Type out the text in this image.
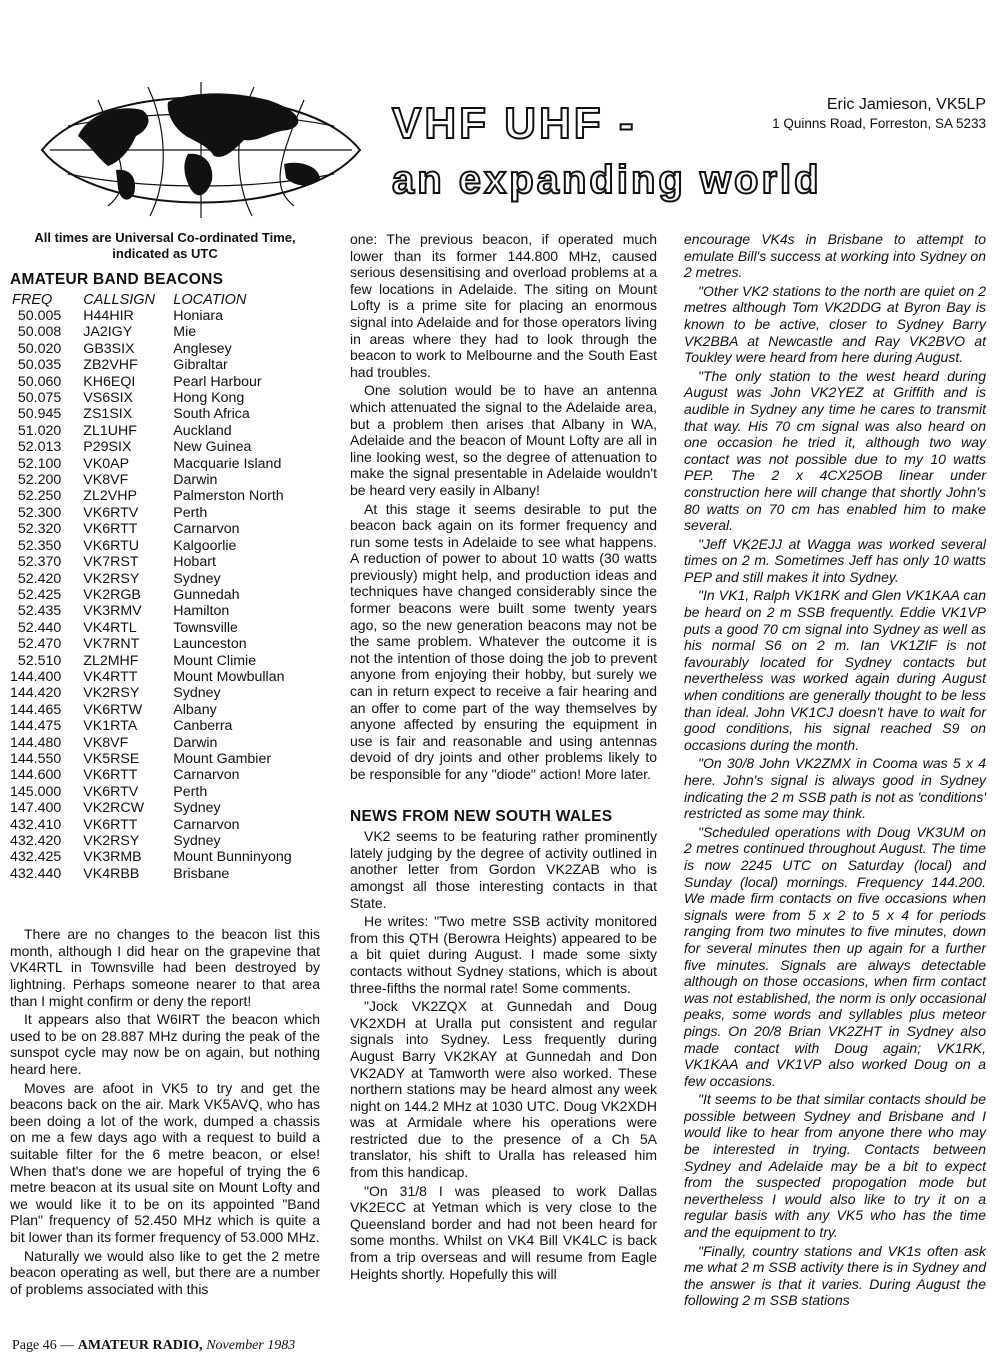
VHF UHF -
an expanding world
Eric Jamieson, VK5LP
1 Quinns Road, Forreston, SA 5233
All times are Universal Co-ordinated Time, indicated as UTC
AMATEUR BAND BEACONS
FREQ	CALLSIGN	LOCATION
50.005	H44HIR	Honiara
50.008	JA2IGY	Mie
50.020	GB3SIX	Anglesey
50.035	ZB2VHF	Gibraltar
50.060	KH6EQI	Pearl Harbour
50.075	VS6SIX	Hong Kong
50.945	ZS1SIX	South Africa
51.020	ZL1UHF	Auckland
52.013	P29SIX	New Guinea
52.100	VK0AP	Macquarie Island
52.200	VK8VF	Darwin
52.250	ZL2VHP	Palmerston North
52.300	VK6RTV	Perth
52.320	VK6RTT	Carnarvon
52.350	VK6RTU	Kalgoorlie
52.370	VK7RST	Hobart
52.420	VK2RSY	Sydney
52.425	VK2RGB	Gunnedah
52.435	VK3RMV	Hamilton
52.440	VK4RTL	Townsville
52.470	VK7RNT	Launceston
52.510	ZL2MHF	Mount Climie
144.400	VK4RTT	Mount Mowbullan
144.420	VK2RSY	Sydney
144.465	VK6RTW	Albany
144.475	VK1RTA	Canberra
144.480	VK8VF	Darwin
144.550	VK5RSE	Mount Gambier
144.600	VK6RTT	Carnarvon
145.000	VK6RTV	Perth
147.400	VK2RCW	Sydney
432.410	VK6RTT	Carnarvon
432.420	VK2RSY	Sydney
432.425	VK3RMB	Mount Bunninyong
432.440	VK4RBB	Brisbane

There are no changes to the beacon list this month, although I did hear on the grapevine that VK4RTL in Townsville had been destroyed by lightning. Perhaps someone nearer to that area than I might confirm or deny the report!

It appears also that W6IRT the beacon which used to be on 28.887 MHz during the peak of the sunspot cycle may now be on again, but nothing heard here.

Moves are afoot in VK5 to try and get the beacons back on the air. Mark VK5AVQ, who has been doing a lot of the work, dumped a chassis on me a few days ago with a request to build a suitable filter for the 6 metre beacon, or else! When that's done we are hopeful of trying the 6 metre beacon at its usual site on Mount Lofty and we would like it to be on its appointed "Band Plan" frequency of 52.450 MHz which is quite a bit lower than its former frequency of 53.000 MHz.

Naturally we would also like to get the 2 metre beacon operating as well, but there are a number of problems associated with this

one: The previous beacon, if operated much lower than its former 144.800 MHz, caused serious desensitising and overload problems at a few locations in Adelaide. The siting on Mount Lofty is a prime site for placing an enormous signal into Adelaide and for those operators living in areas where they had to look through the beacon to work to Melbourne and the South East had troubles.

One solution would be to have an antenna which attenuated the signal to the Adelaide area, but a problem then arises that Albany in WA, Adelaide and the beacon of Mount Lofty are all in line looking west, so the degree of attenuation to make the signal presentable in Adelaide wouldn't be heard very easily in Albany!

At this stage it seems desirable to put the beacon back again on its former frequency and run some tests in Adelaide to see what happens. A reduction of power to about 10 watts (30 watts previously) might help, and production ideas and techniques have changed considerably since the former beacons were built some twenty years ago, so the new generation beacons may not be the same problem. Whatever the outcome it is not the intention of those doing the job to prevent anyone from enjoying their hobby, but surely we can in return expect to receive a fair hearing and an offer to come part of the way themselves by anyone affected by ensuring the equipment in use is fair and reasonable and using antennas devoid of dry joints and other problems likely to be responsible for any "diode" action! More later.

NEWS FROM NEW SOUTH WALES

VK2 seems to be featuring rather prominently lately judging by the degree of activity outlined in another letter from Gordon VK2ZAB who is amongst all those interesting contacts in that State.

He writes: "Two metre SSB activity monitored from this QTH (Berowra Heights) appeared to be a bit quiet during August. I made some sixty contacts without Sydney stations, which is about three-fifths the normal rate! Some comments.

"Jock VK2ZQX at Gunnedah and Doug VK2XDH at Uralla put consistent and regular signals into Sydney. Less frequently during August Barry VK2KAY at Gunnedah and Don VK2ADY at Tamworth were also worked. These northern stations may be heard almost any week night on 144.2 MHz at 1030 UTC. Doug VK2XDH was at Armidale where his operations were restricted due to the presence of a Ch 5A translator, his shift to Uralla has released him from this handicap.

"On 31/8 I was pleased to work Dallas VK2ECC at Yetman which is very close to the Queensland border and had not been heard for some months. Whilst on VK4 Bill VK4LC is back from a trip overseas and will resume from Eagle Heights shortly. Hopefully this will

encourage VK4s in Brisbane to attempt to emulate Bill's success at working into Sydney on 2 metres.

"Other VK2 stations to the north are quiet on 2 metres although Tom VK2DDG at Byron Bay is known to be active, closer to Sydney Barry VK2BBA at Newcastle and Ray VK2BVO at Toukley were heard from here during August.

"The only station to the west heard during August was John VK2YEZ at Griffith and is audible in Sydney any time he cares to transmit that way. His 70 cm signal was also heard on one occasion he tried it, although two way contact was not possible due to my 10 watts PEP. The 2 x 4CX25OB linear under construction here will change that shortly John's 80 watts on 70 cm has enabled him to make several.

"Jeff VK2EJJ at Wagga was worked several times on 2 m. Sometimes Jeff has only 10 watts PEP and still makes it into Sydney.

"In VK1, Ralph VK1RK and Glen VK1KAA can be heard on 2 m SSB frequently. Eddie VK1VP puts a good 70 cm signal into Sydney as well as his normal S6 on 2 m. Ian VK1ZIF is not favourably located for Sydney contacts but nevertheless was worked again during August when conditions are generally thought to be less than ideal. John VK1CJ doesn't have to wait for good conditions, his signal reached S9 on occasions during the month.

"On 30/8 John VK2ZMX in Cooma was 5 x 4 here. John's signal is always good in Sydney indicating the 2 m SSB path is not as 'conditions' restricted as some may think.

"Scheduled operations with Doug VK3UM on 2 metres continued throughout August. The time is now 2245 UTC on Saturday (local) and Sunday (local) mornings. Frequency 144.200. We made firm contacts on five occasions when signals were from 5 x 2 to 5 x 4 for periods ranging from two minutes to five minutes, down for several minutes then up again for a further five minutes. Signals are always detectable although on those occasions, when firm contact was not established, the norm is only occasional peaks, some words and syllables plus meteor pings. On 20/8 Brian VK2ZHT in Sydney also made contact with Doug again; VK1RK, VK1KAA and VK1VP also worked Doug on a few occasions.

"It seems to be that similar contacts should be possible between Sydney and Brisbane and I would like to hear from anyone there who may be interested in trying. Contacts between Sydney and Adelaide may be a bit to expect from the suspected propogation mode but nevertheless I would also like to try it on a regular basis with any VK5 who has the time and the equipment to try.

"Finally, country stations and VK1s often ask me what 2 m SSB activity there is in Sydney and the answer is that it varies. During August the following 2 m SSB stations

Page 46 — AMATEUR RADIO, November 1983
